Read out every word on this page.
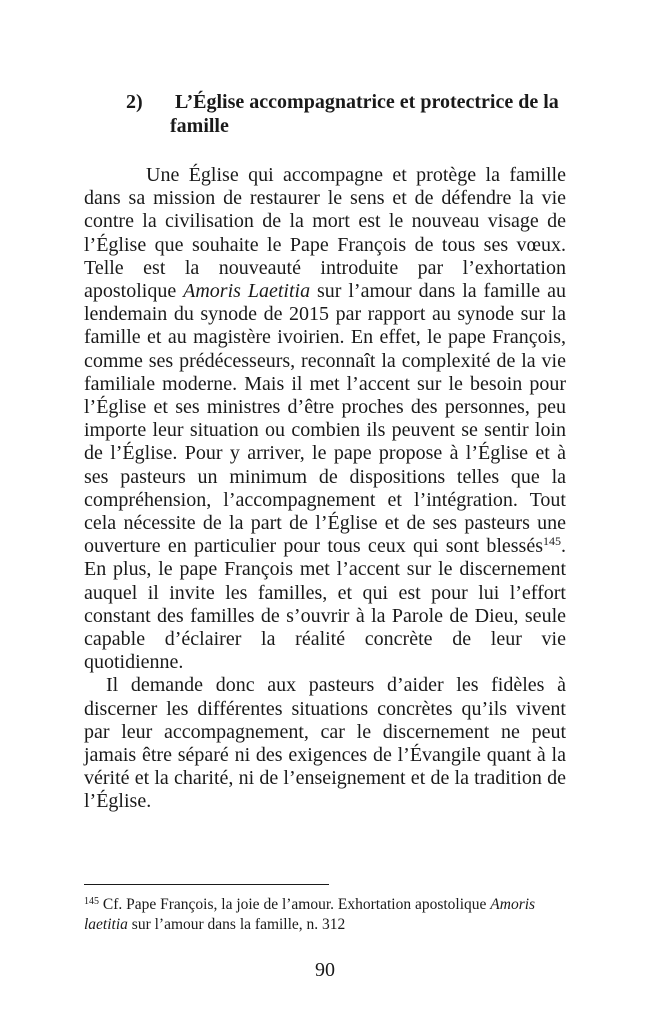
2) L’Église accompagnatrice et protectrice de la famille

Une Église qui accompagne et protège la famille dans sa mission de restaurer le sens et de défendre la vie contre la civilisation de la mort est le nouveau visage de l’Église que souhaite le Pape François de tous ses vœux. Telle est la nouveauté introduite par l’exhortation apostolique Amoris Laetitia sur l’amour dans la famille au lendemain du synode de 2015 par rapport au synode sur la famille et au magistère ivoirien. En effet, le pape François, comme ses prédécesseurs, reconnaît la complexité de la vie familiale moderne. Mais il met l’accent sur le besoin pour l’Église et ses ministres d’être proches des personnes, peu importe leur situation ou combien ils peuvent se sentir loin de l’Église. Pour y arriver, le pape propose à l’Église et à ses pasteurs un minimum de dispositions telles que la compréhension, l’accompagnement et l’intégration. Tout cela nécessite de la part de l’Église et de ses pasteurs une ouverture en particulier pour tous ceux qui sont blessés$^{145}$. En plus, le pape François met l’accent sur le discernement auquel il invite les familles, et qui est pour lui l’effort constant des familles de s’ouvrir à la Parole de Dieu, seule capable d’éclairer la réalité concrète de leur vie quotidienne.

Il demande donc aux pasteurs d’aider les fidèles à discerner les différentes situations concrètes qu’ils vivent par leur accompagnement, car le discernement ne peut jamais être séparé ni des exigences de l’Évangile quant à la vérité et la charité, ni de l’enseignement et de la tradition de l’Église.

$^{145}$ Cf. Pape François, la joie de l’amour. Exhortation apostolique Amoris laetitia sur l’amour dans la famille, n. 312
90
